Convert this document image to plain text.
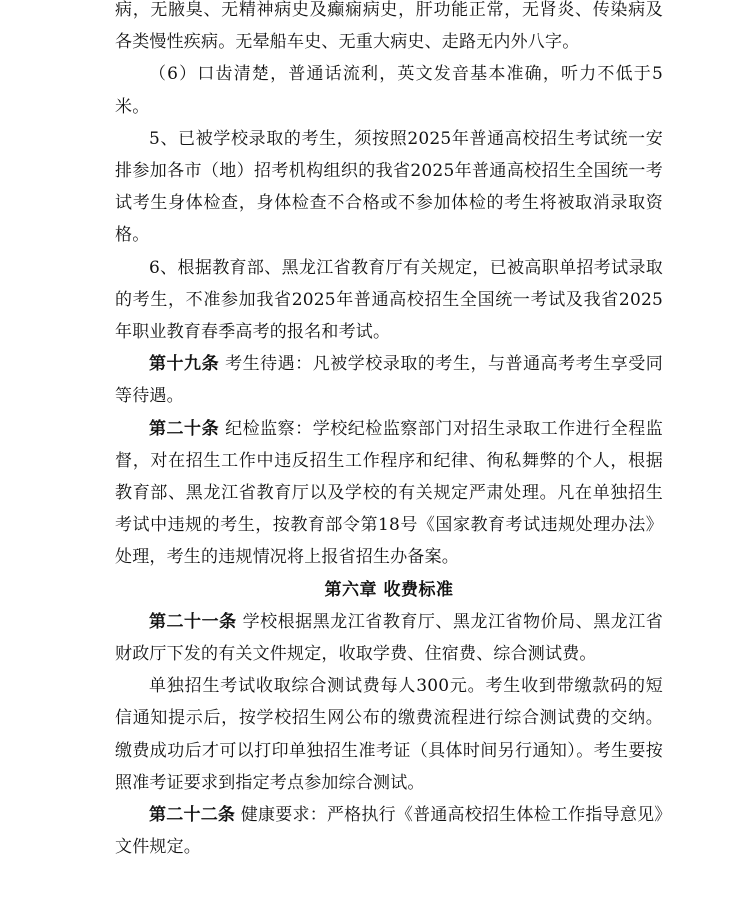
病，无腋臭、无精神病史及癫痫病史，肝功能正常，无肾炎、传染病及各类慢性疾病。无晕船车史、无重大病史、走路无内外八字。

（6）口齿清楚，普通话流利，英文发音基本准确，听力不低于5米。

5、已被学校录取的考生，须按照2025年普通高校招生考试统一安排参加各市（地）招考机构组织的我省2025年普通高校招生全国统一考试考生身体检查，身体检查不合格或不参加体检的考生将被取消录取资格。

6、根据教育部、黑龙江省教育厅有关规定，已被高职单招考试录取的考生，不准参加我省2025年普通高校招生全国统一考试及我省2025年职业教育春季高考的报名和考试。

第十九条 考生待遇：凡被学校录取的考生，与普通高考考生享受同等待遇。

第二十条 纪检监察：学校纪检监察部门对招生录取工作进行全程监督，对在招生工作中违反招生工作程序和纪律、徇私舞弊的个人，根据教育部、黑龙江省教育厅以及学校的有关规定严肃处理。凡在单独招生考试中违规的考生，按教育部令第18号《国家教育考试违规处理办法》处理，考生的违规情况将上报省招生办备案。

第六章 收费标准

第二十一条 学校根据黑龙江省教育厅、黑龙江省物价局、黑龙江省财政厅下发的有关文件规定，收取学费、住宿费、综合测试费。

单独招生考试收取综合测试费每人300元。考生收到带缴款码的短信通知提示后，按学校招生网公布的缴费流程进行综合测试费的交纳。缴费成功后才可以打印单独招生准考证（具体时间另行通知）。考生要按照准考证要求到指定考点参加综合测试。

第二十二条 健康要求：严格执行《普通高校招生体检工作指导意见》文件规定。
